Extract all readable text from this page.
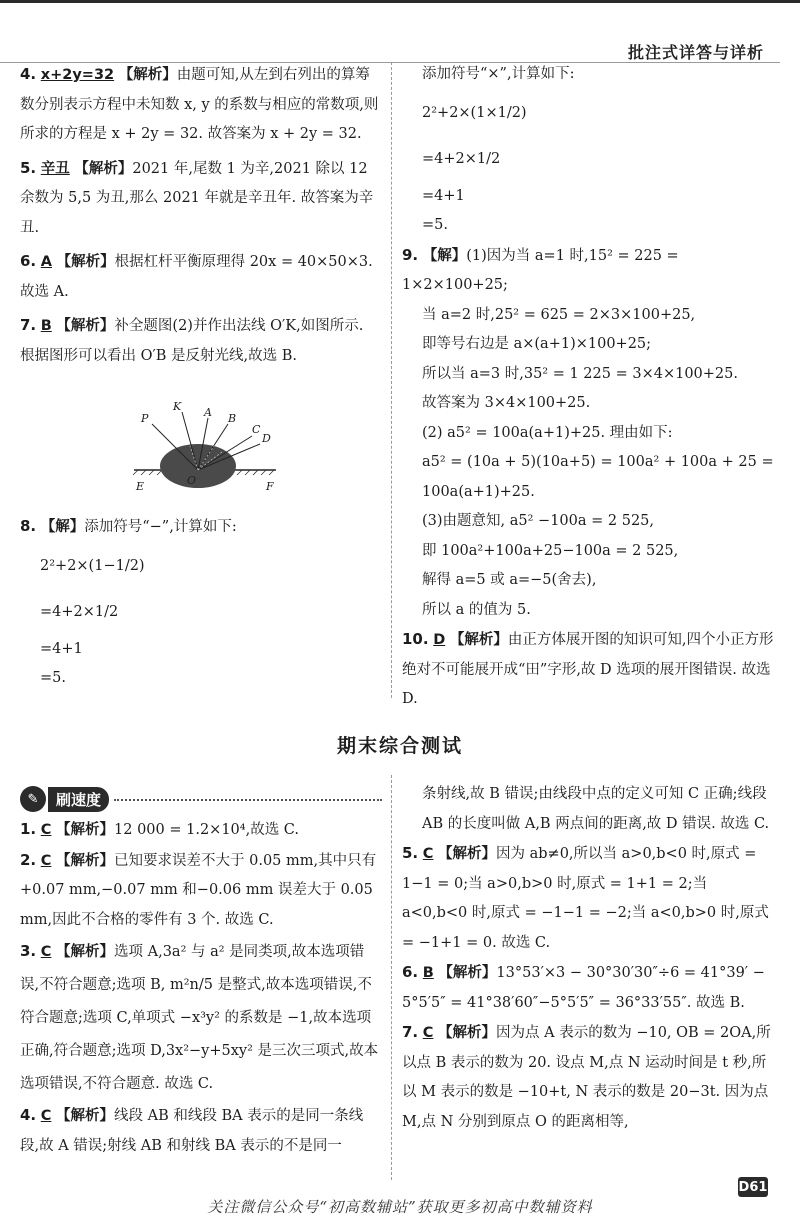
批注式详答与详析

4. x+2y=32 【解析】由题可知,从左到右列出的算筹数分别表示方程中未知数 x, y 的系数与相应的常数项,则所求的方程是 x + 2y = 32. 故答案为 x + 2y = 32.

5. 辛丑 【解析】2021 年,尾数 1 为辛,2021 除以 12 余数为 5,5 为丑,那么 2021 年就是辛丑年. 故答案为辛丑.

6. A 【解析】根据杠杆平衡原理得 20x = 40×50×3. 故选 A.

7. B 【解析】补全题图(2)并作出法线 O′K,如图所示. 根据图形可以看出 O′B 是反射光线,故选 B.

P
K A B
C
D
E	O	F

8. 【解】添加符号“−”,计算如下:

2²+2×(1−1/2)

=4+2×1/2

=4+1

=5.

添加符号“×”,计算如下:

2²+2×(1×1/2)

=4+2×1/2

=4+1

=5.

9. 【解】(1)因为当 a=1 时,15² = 225 = 1×2×100+25;

当 a=2 时,25² = 625 = 2×3×100+25,

即等号右边是 a×(a+1)×100+25;

所以当 a=3 时,35² = 1 225 = 3×4×100+25.

故答案为 3×4×100+25.

(2) a5² = 100a(a+1)+25. 理由如下:

a5² = (10a + 5)(10a+5) = 100a² + 100a + 25 =

100a(a+1)+25.

(3)由题意知, a5² −100a = 2 525,

即 100a²+100a+25−100a = 2 525,

解得 a=5 或 a=−5(舍去),

所以 a 的值为 5.

10. D 【解析】由正方体展开图的知识可知,四个小正方形绝对不可能展开成“田”字形,故 D 选项的展开图错误. 故选 D.

期末综合测试
✎	刷速度

1. C 【解析】12 000 = 1.2×10⁴,故选 C.

2. C 【解析】已知要求误差不大于 0.05 mm,其中只有+0.07 mm,−0.07 mm 和−0.06 mm 误差大于 0.05 mm,因此不合格的零件有 3 个. 故选 C.

3. C 【解析】选项 A,3a² 与 a² 是同类项,故本选项错误,不符合题意;选项 B, m²n/5 是整式,故本选项错误,不符合题意;选项 C,单项式 −x³y² 的系数是 −1,故本选项正确,符合题意;选项 D,3x²−y+5xy² 是三次三项式,故本选项错误,不符合题意. 故选 C.

4. C 【解析】线段 AB 和线段 BA 表示的是同一条线段,故 A 错误;射线 AB 和射线 BA 表示的不是同一

条射线,故 B 错误;由线段中点的定义可知 C 正确;线段 AB 的长度叫做 A,B 两点间的距离,故 D 错误. 故选 C.

5. C 【解析】因为 ab≠0,所以当 a>0,b<0 时,原式 = 1−1 = 0;当 a>0,b>0 时,原式 = 1+1 = 2;当 a<0,b<0 时,原式 = −1−1 = −2;当 a<0,b>0 时,原式 = −1+1 = 0. 故选 C.

6. B 【解析】13°53′×3 − 30°30′30″÷6 = 41°39′ − 5°5′5″ = 41°38′60″−5°5′5″ = 36°33′55″. 故选 B.

7. C 【解析】因为点 A 表示的数为 −10, OB = 2OA,所以点 B 表示的数为 20. 设点 M,点 N 运动时间是 t 秒,所以 M 表示的数是 −10+t, N 表示的数是 20−3t. 因为点 M,点 N 分别到原点 O 的距离相等,

D61
关注微信公众号“初高数辅站”获取更多初高中数辅资料
